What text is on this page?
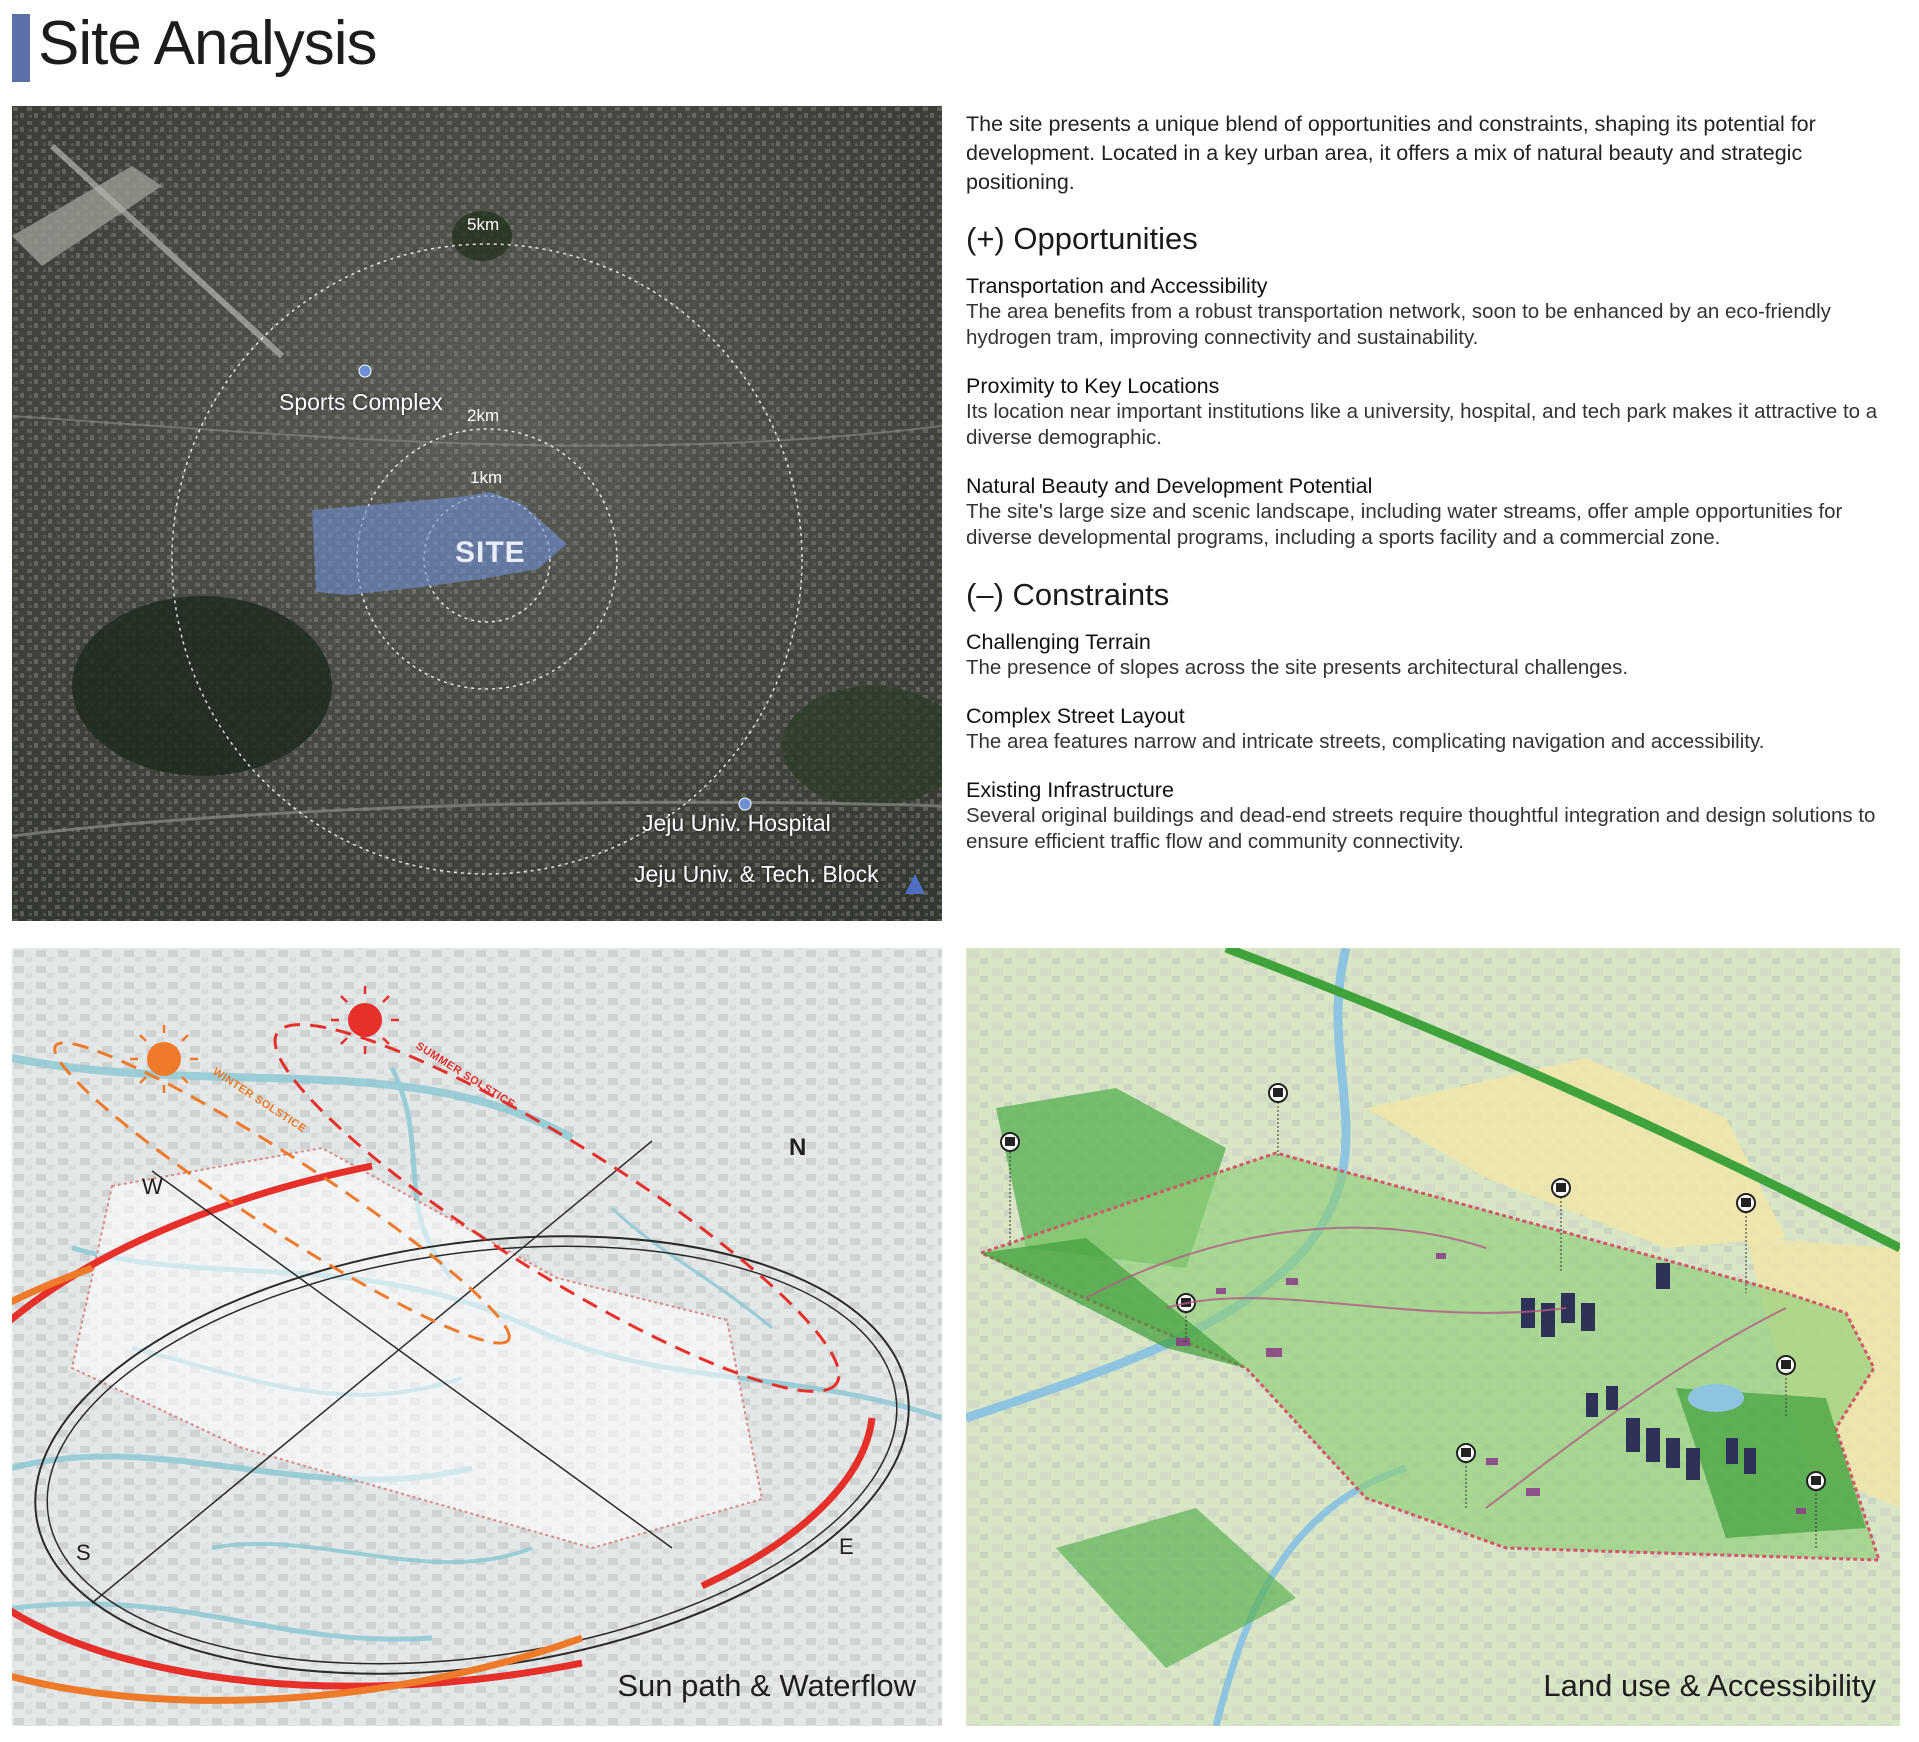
Site Analysis
5km
2km
1km
SITE
Sports Complex
Jeju Univ. Hospital
Jeju Univ. & Tech. Block

The site presents a unique blend of opportunities and constraints, shaping its potential for development. Located in a key urban area, it offers a mix of natural beauty and strategic positioning.

(+) Opportunities
Transportation and Accessibility

The area benefits from a robust transportation network, soon to be enhanced by an eco-friendly hydrogen tram, improving connectivity and sustainability.

Proximity to Key Locations

Its location near important institutions like a university, hospital, and tech park makes it attractive to a diverse demographic.

Natural Beauty and Development Potential

The site's large size and scenic landscape, including water streams, offer ample opportunities for diverse developmental programs, including a sports facility and a commercial zone.

(–) Constraints
Challenging Terrain

The presence of slopes across the site presents architectural challenges.

Complex Street Layout

The area features narrow and intricate streets, complicating navigation and accessibility.

Existing Infrastructure

Several original buildings and dead-end streets require thoughtful integration and design solutions to ensure efficient traffic flow and community connectivity.

N
W
S	E
SUMMER SOLSTICE
WINTER SOLSTICE
Sun path & Waterflow	Land use & Accessibility
